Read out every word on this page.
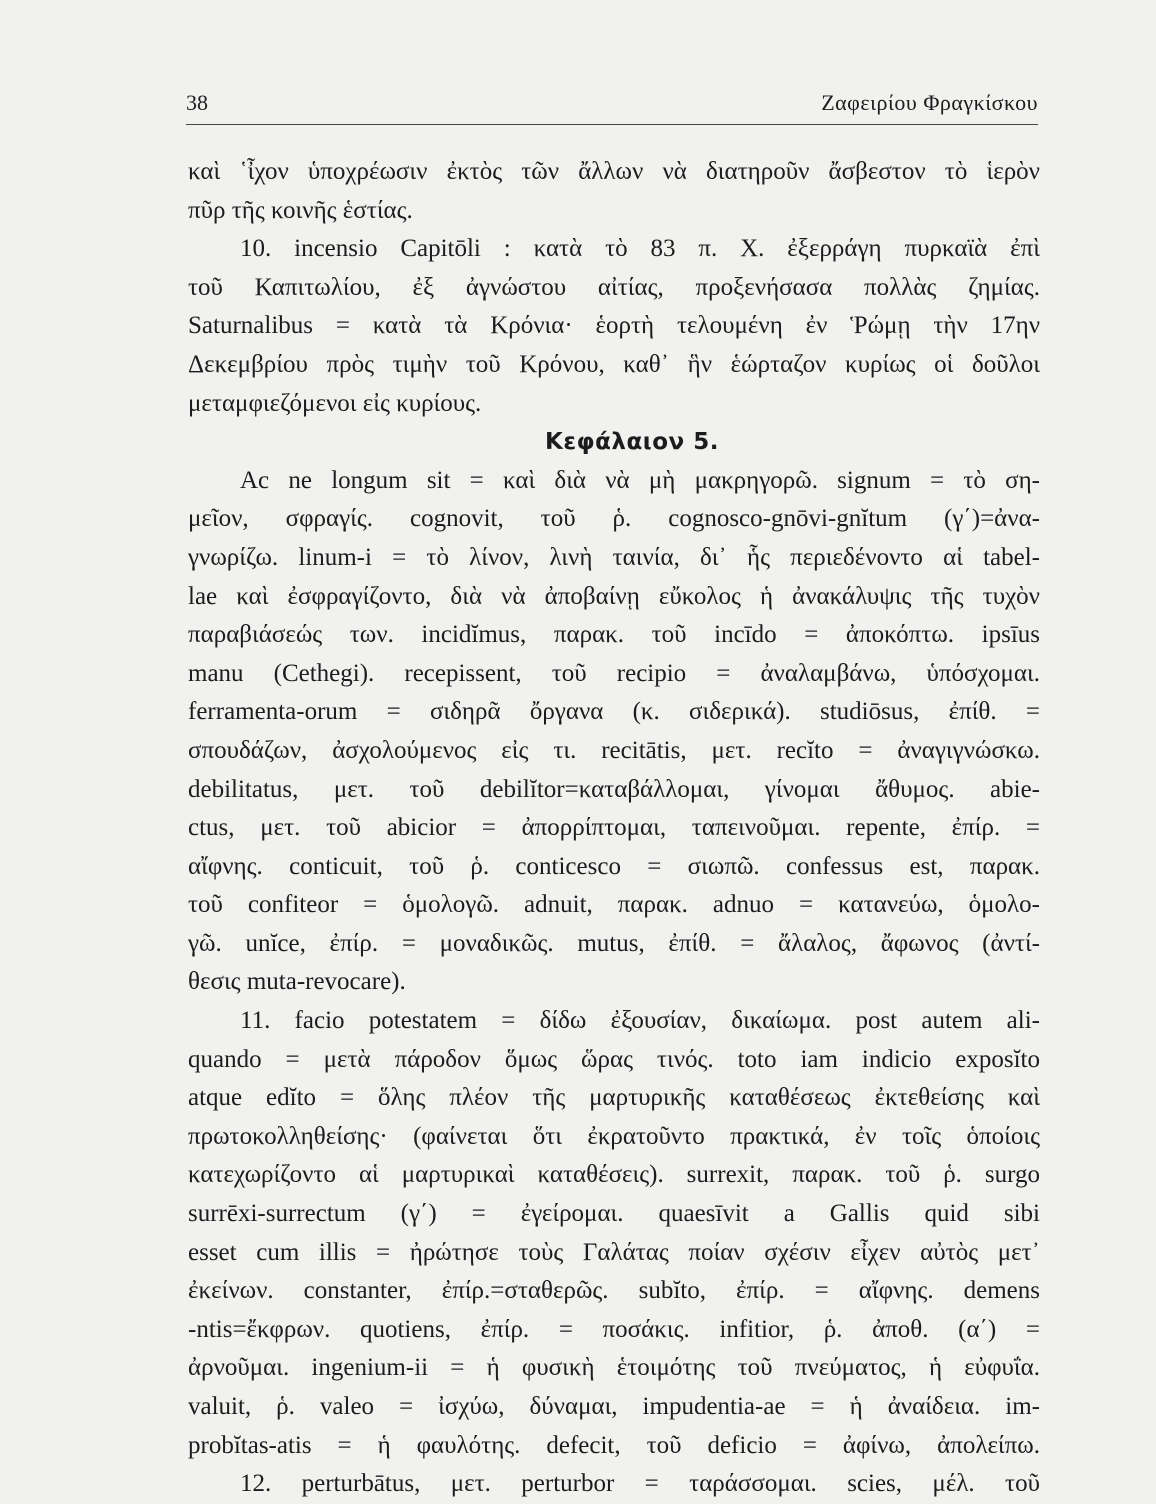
38	Ζαφειρίου Φραγκίσκου
καὶ ῾ἶχον ὑποχρέωσιν ἐκτὸς τῶν ἄλλων νὰ διατηροῦν ἄσβεστον τὸ ἱερὸν
πῦρ τῆς κοινῆς ἑστίας.
10. incensio Capitōli : κατὰ τὸ 83 π. Χ. ἐξερράγη πυρκαϊὰ ἐπὶ
τοῦ Καπιτωλίου, ἐξ ἀγνώστου αἰτίας, προξενήσασα πολλὰς ζημίας.
Saturnalibus = κατὰ τὰ Κρόνια· ἑορτὴ τελουμένη ἐν Ῥώμῃ τὴν 17ην
Δεκεμβρίου πρὸς τιμὴν τοῦ Κρόνου, καθ᾽ ἣν ἑώρταζον κυρίως οἱ δοῦλοι
μεταμφιεζόμενοι εἰς κυρίους.
Κεφάλαιον 5.
Ac ne longum sit = καὶ διὰ νὰ μὴ μακρηγορῶ. signum = τὸ ση-
μεῖον, σφραγίς. cognovit, τοῦ ῥ. cognosco-gnōvi-gnĭtum (γ΄)=ἀνα-
γνωρίζω. linum-i = τὸ λίνον, λινὴ ταινία, δι᾽ ἧς περιεδένοντο αἱ tabel-
lae καὶ ἐσφραγίζοντο, διὰ νὰ ἀποβαίνῃ εὔκολος ἡ ἀνακάλυψις τῆς τυχὸν
παραβιάσεώς των. incidĭmus, παρακ. τοῦ incīdo = ἀποκόπτω. ipsīus
manu (Cethegi). recepissent, τοῦ recipio = ἀναλαμβάνω, ὑπόσχομαι.
ferramenta-orum = σιδηρᾶ ὄργανα (κ. σιδερικά). studiōsus, ἐπίθ. =
σπουδάζων, ἀσχολούμενος εἰς τι. recitātis, μετ. recĭto = ἀναγιγνώσκω.
debilitatus, μετ. τοῦ debilĭtor=καταβάλλομαι, γίνομαι ἄθυμος. abie-
ctus, μετ. τοῦ abicior = ἀπορρίπτομαι, ταπεινοῦμαι. repente, ἐπίρ. =
αἴφνης. conticuit, τοῦ ῥ. conticesco = σιωπῶ. confessus est, παρακ.
τοῦ confiteor = ὁμολογῶ. adnuit, παρακ. adnuo = κατανεύω, ὁμολο-
γῶ. unĭce, ἐπίρ. = μοναδικῶς. mutus, ἐπίθ. = ἄλαλος, ἄφωνος (ἀντί-
θεσις muta-revocare).
11. facio potestatem = δίδω ἐξουσίαν, δικαίωμα. post autem ali-
quando = μετὰ πάροδον ὅμως ὥρας τινός. toto iam indicio exposĭto
atque edĭto = ὅλης πλέον τῆς μαρτυρικῆς καταθέσεως ἐκτεθείσης καὶ
πρωτοκολληθείσης· (φαίνεται ὅτι ἐκρατοῦντο πρακτικά, ἐν τοῖς ὁποίοις
κατεχωρίζοντο αἱ μαρτυρικαὶ καταθέσεις). surrexit, παρακ. τοῦ ῥ. surgo
surrēxi-surrectum (γ΄) = ἐγείρομαι. quaesīvit a Gallis quid sibi
esset cum illis = ἠρώτησε τοὺς Γαλάτας ποίαν σχέσιν εἶχεν αὐτὸς μετ᾽
ἐκείνων. constanter, ἐπίρ.=σταθερῶς. subĭto, ἐπίρ. = αἴφνης. demens
-ntis=ἔκφρων. quotiens, ἐπίρ. = ποσάκις. infitior, ῥ. ἀποθ. (α΄) =
ἀρνοῦμαι. ingenium-ii = ἡ φυσικὴ ἑτοιμότης τοῦ πνεύματος, ἡ εὐφυΐα.
valuit, ῥ. valeo = ἰσχύω, δύναμαι, impudentia-ae = ἡ ἀναίδεια. im-
probĭtas-atis = ἡ φαυλότης. defecit, τοῦ deficio = ἀφίνω, ἀπολείπω.
12. perturbātus, μετ. perturbor = ταράσσομαι. scies, μέλ. τοῦ
